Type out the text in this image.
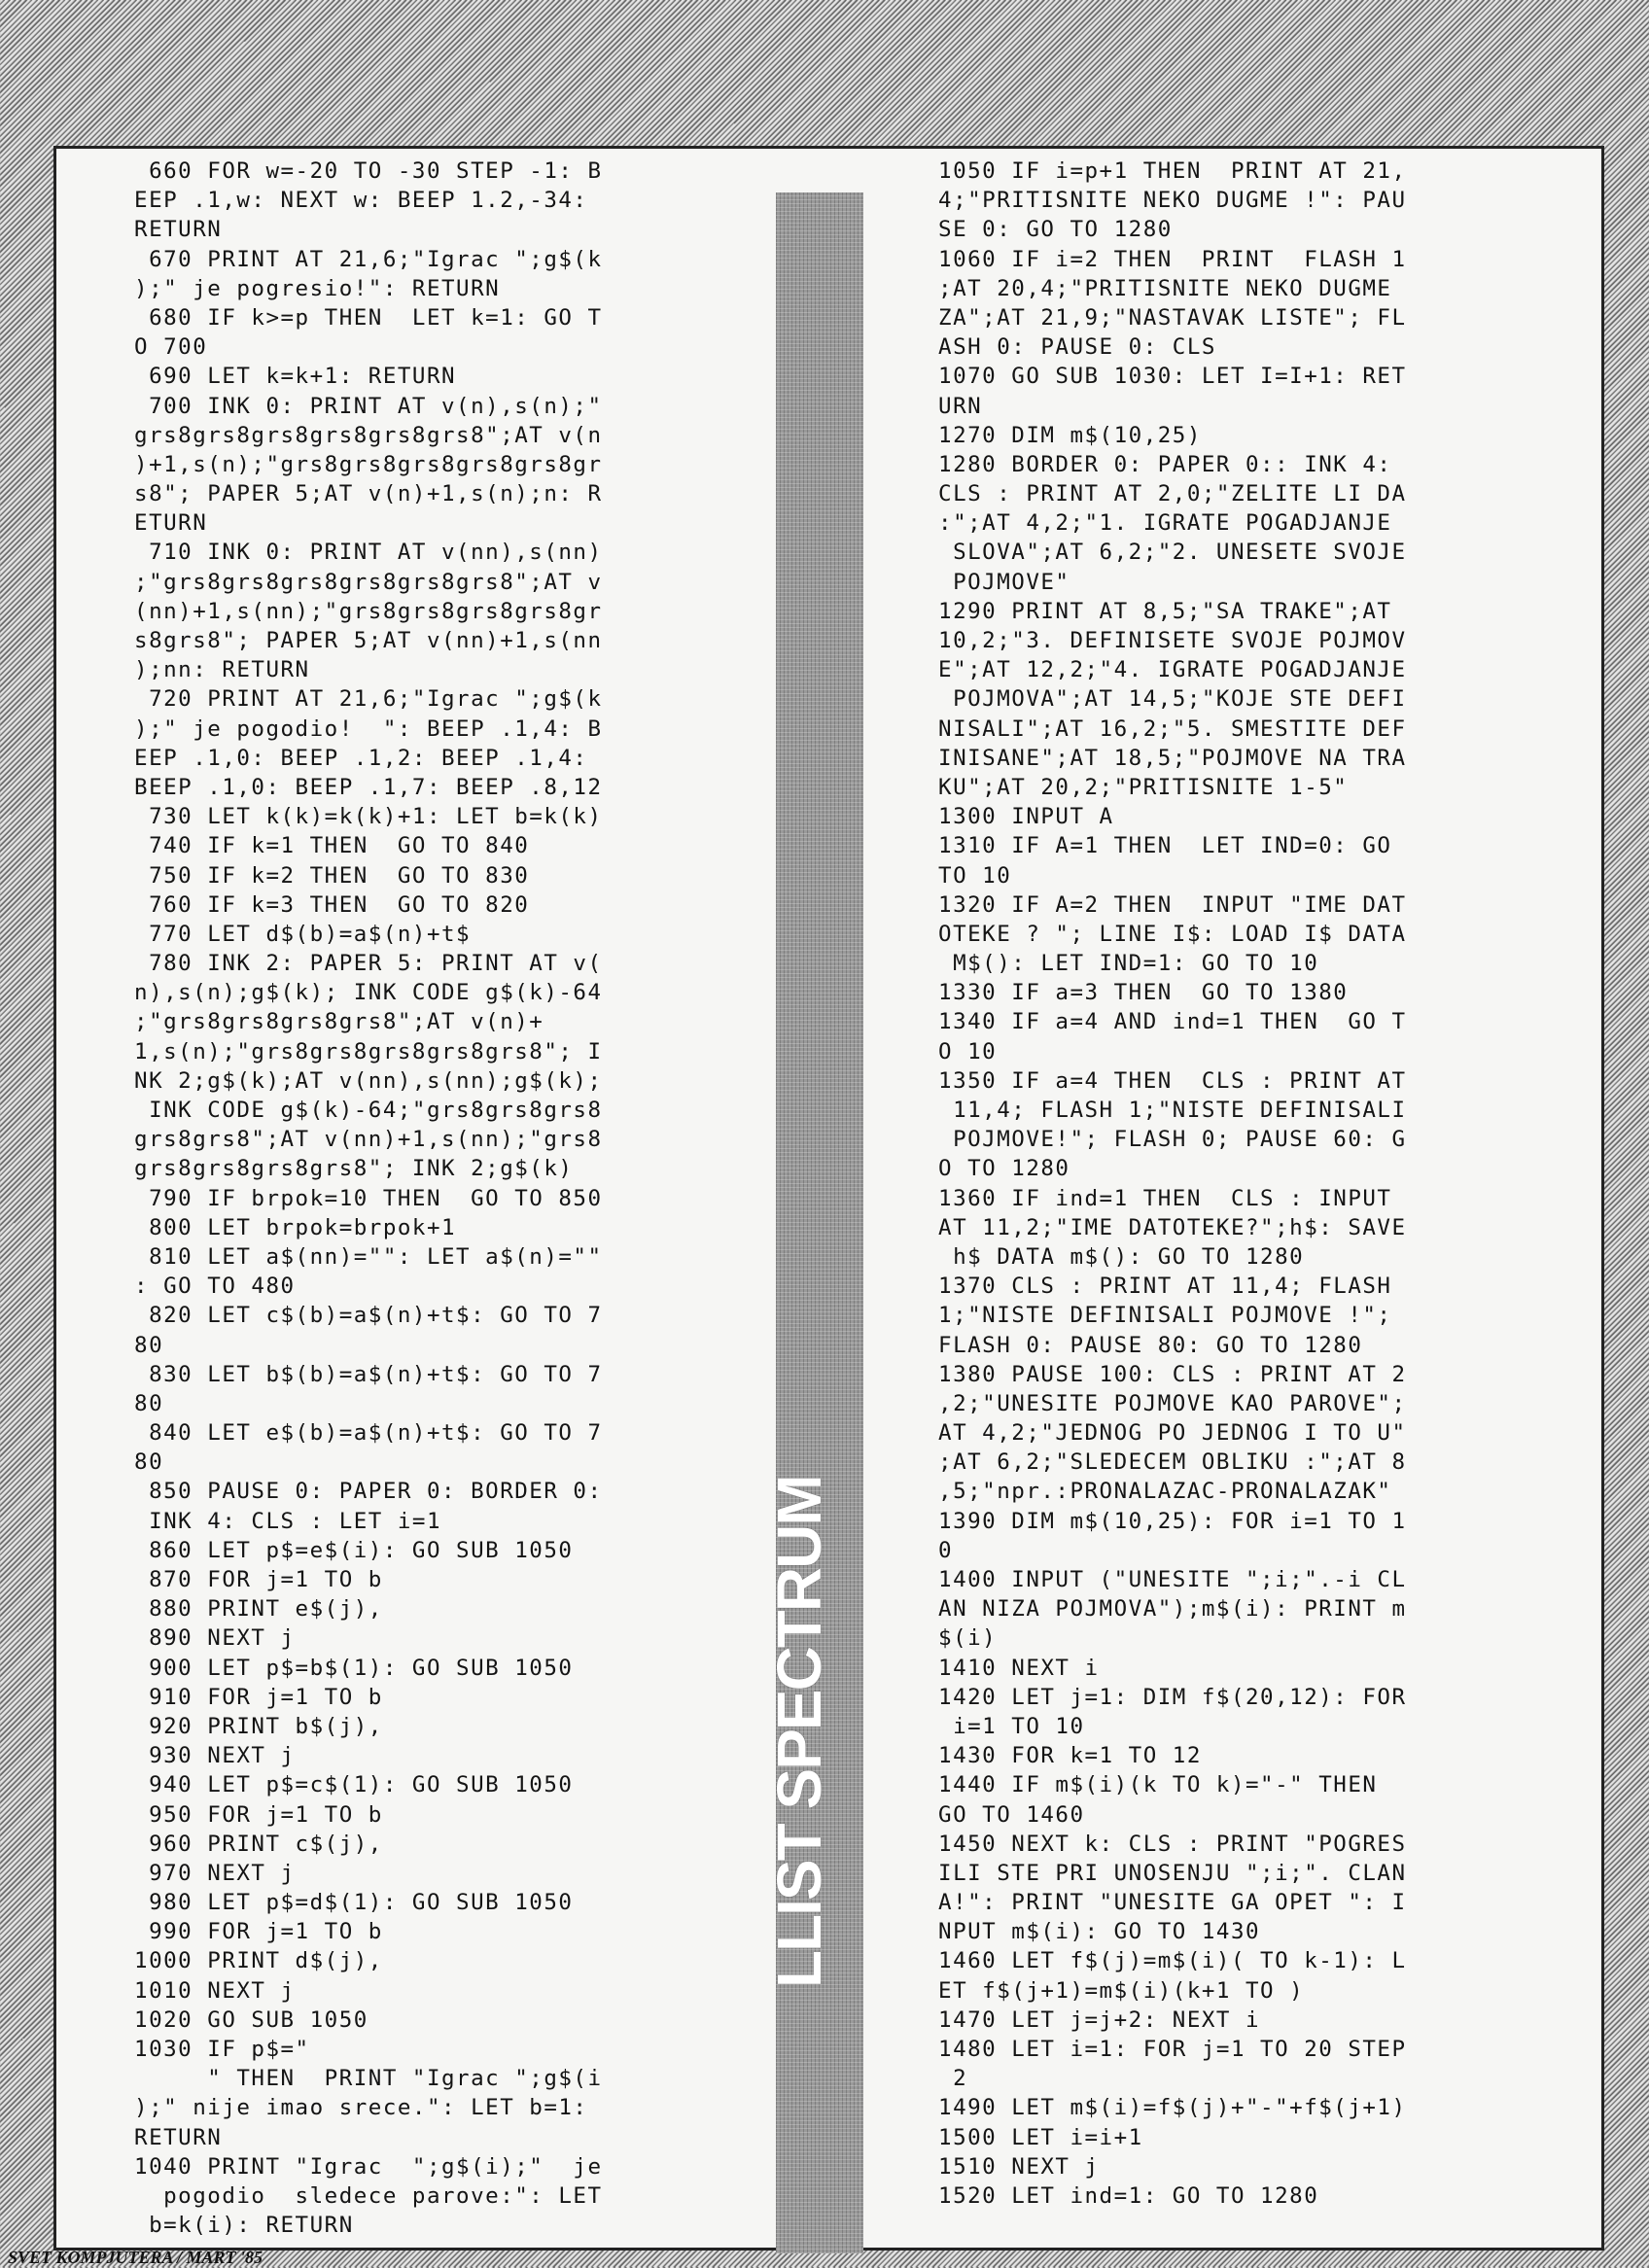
660 FOR w=-20 TO -30 STEP -1: B
EEP .1,w: NEXT w: BEEP 1.2,-34:
RETURN
670 PRINT AT 21,6;"Igrac ";g$(k
);" je pogresio!": RETURN
680 IF k>=p THEN  LET k=1: GO T
O 700
690 LET k=k+1: RETURN
700 INK 0: PRINT AT v(n),s(n);"
grs8grs8grs8grs8grs8grs8";AT v(n
)+1,s(n);"grs8grs8grs8grs8grs8gr
s8"; PAPER 5;AT v(n)+1,s(n);n: R
ETURN
710 INK 0: PRINT AT v(nn),s(nn)
;"grs8grs8grs8grs8grs8grs8";AT v
(nn)+1,s(nn);"grs8grs8grs8grs8gr
s8grs8"; PAPER 5;AT v(nn)+1,s(nn
);nn: RETURN
720 PRINT AT 21,6;"Igrac ";g$(k
);" je pogodio!  ": BEEP .1,4: B
EEP .1,0: BEEP .1,2: BEEP .1,4:
BEEP .1,0: BEEP .1,7: BEEP .8,12
730 LET k(k)=k(k)+1: LET b=k(k)
740 IF k=1 THEN  GO TO 840
750 IF k=2 THEN  GO TO 830
760 IF k=3 THEN  GO TO 820
770 LET d$(b)=a$(n)+t$
780 INK 2: PAPER 5: PRINT AT v(
n),s(n);g$(k); INK CODE g$(k)-64
;"grs8grs8grs8grs8";AT v(n)+
1,s(n);"grs8grs8grs8grs8grs8"; I
NK 2;g$(k);AT v(nn),s(nn);g$(k);
INK CODE g$(k)-64;"grs8grs8grs8
grs8grs8";AT v(nn)+1,s(nn);"grs8
grs8grs8grs8grs8"; INK 2;g$(k)
790 IF brpok=10 THEN  GO TO 850
800 LET brpok=brpok+1
810 LET a$(nn)="": LET a$(n)=""
: GO TO 480
820 LET c$(b)=a$(n)+t$: GO TO 7
80
830 LET b$(b)=a$(n)+t$: GO TO 7
80
840 LET e$(b)=a$(n)+t$: GO TO 7
80
850 PAUSE 0: PAPER 0: BORDER 0:
INK 4: CLS : LET i=1
860 LET p$=e$(i): GO SUB 1050
870 FOR j=1 TO b
880 PRINT e$(j),
890 NEXT j
900 LET p$=b$(1): GO SUB 1050
910 FOR j=1 TO b
920 PRINT b$(j),
930 NEXT j
940 LET p$=c$(1): GO SUB 1050
950 FOR j=1 TO b
960 PRINT c$(j),
970 NEXT j
980 LET p$=d$(1): GO SUB 1050
990 FOR j=1 TO b
1000 PRINT d$(j),
1010 NEXT j
1020 GO SUB 1050
1030 IF p$="
" THEN  PRINT "Igrac ";g$(i
);" nije imao srece.": LET b=1:
RETURN
1040 PRINT "Igrac  ";g$(i);"  je
pogodio  sledece parove:": LET
b=k(i): RETURN
1050 IF i=p+1 THEN  PRINT AT 21,
4;"PRITISNITE NEKO DUGME !": PAU
SE 0: GO TO 1280
1060 IF i=2 THEN  PRINT  FLASH 1
;AT 20,4;"PRITISNITE NEKO DUGME
ZA";AT 21,9;"NASTAVAK LISTE"; FL
ASH 0: PAUSE 0: CLS
1070 GO SUB 1030: LET I=I+1: RET
URN
1270 DIM m$(10,25)
1280 BORDER 0: PAPER 0:: INK 4:
CLS : PRINT AT 2,0;"ZELITE LI DA
:";AT 4,2;"1. IGRATE POGADJANJE
SLOVA";AT 6,2;"2. UNESETE SVOJE
POJMOVE"
1290 PRINT AT 8,5;"SA TRAKE";AT
10,2;"3. DEFINISETE SVOJE POJMOV
E";AT 12,2;"4. IGRATE POGADJANJE
POJMOVA";AT 14,5;"KOJE STE DEFI
NISALI";AT 16,2;"5. SMESTITE DEF
INISANE";AT 18,5;"POJMOVE NA TRA
KU";AT 20,2;"PRITISNITE 1-5"
1300 INPUT A
1310 IF A=1 THEN  LET IND=0: GO
TO 10
1320 IF A=2 THEN  INPUT "IME DAT
OTEKE ? "; LINE I$: LOAD I$ DATA
M$(): LET IND=1: GO TO 10
1330 IF a=3 THEN  GO TO 1380
1340 IF a=4 AND ind=1 THEN  GO T
O 10
1350 IF a=4 THEN  CLS : PRINT AT
11,4; FLASH 1;"NISTE DEFINISALI
POJMOVE!"; FLASH 0; PAUSE 60: G
O TO 1280
1360 IF ind=1 THEN  CLS : INPUT
AT 11,2;"IME DATOTEKE?";h$: SAVE
h$ DATA m$(): GO TO 1280
1370 CLS : PRINT AT 11,4; FLASH
1;"NISTE DEFINISALI POJMOVE !";
FLASH 0: PAUSE 80: GO TO 1280
1380 PAUSE 100: CLS : PRINT AT 2
,2;"UNESITE POJMOVE KAO PAROVE";
AT 4,2;"JEDNOG PO JEDNOG I TO U"
;AT 6,2;"SLEDECEM OBLIKU :";AT 8
,5;"npr.:PRONALAZAC-PRONALAZAK"
1390 DIM m$(10,25): FOR i=1 TO 1
0
1400 INPUT ("UNESITE ";i;".-i CL
AN NIZA POJMOVA");m$(i): PRINT m
$(i)
1410 NEXT i
1420 LET j=1: DIM f$(20,12): FOR
i=1 TO 10
1430 FOR k=1 TO 12
1440 IF m$(i)(k TO k)="-" THEN
GO TO 1460
1450 NEXT k: CLS : PRINT "POGRES
ILI STE PRI UNOSENJU ";i;". CLAN
A!": PRINT "UNESITE GA OPET ": I
NPUT m$(i): GO TO 1430
1460 LET f$(j)=m$(i)( TO k-1): L
ET f$(j+1)=m$(i)(k+1 TO )
1470 LET j=j+2: NEXT i
1480 LET i=1: FOR j=1 TO 20 STEP
2
1490 LET m$(i)=f$(j)+"-"+f$(j+1)
1500 LET i=i+1
1510 NEXT j
1520 LET ind=1: GO TO 1280
LLIST SPECTRUM
SVET KOMPJUTERA / MART '85
